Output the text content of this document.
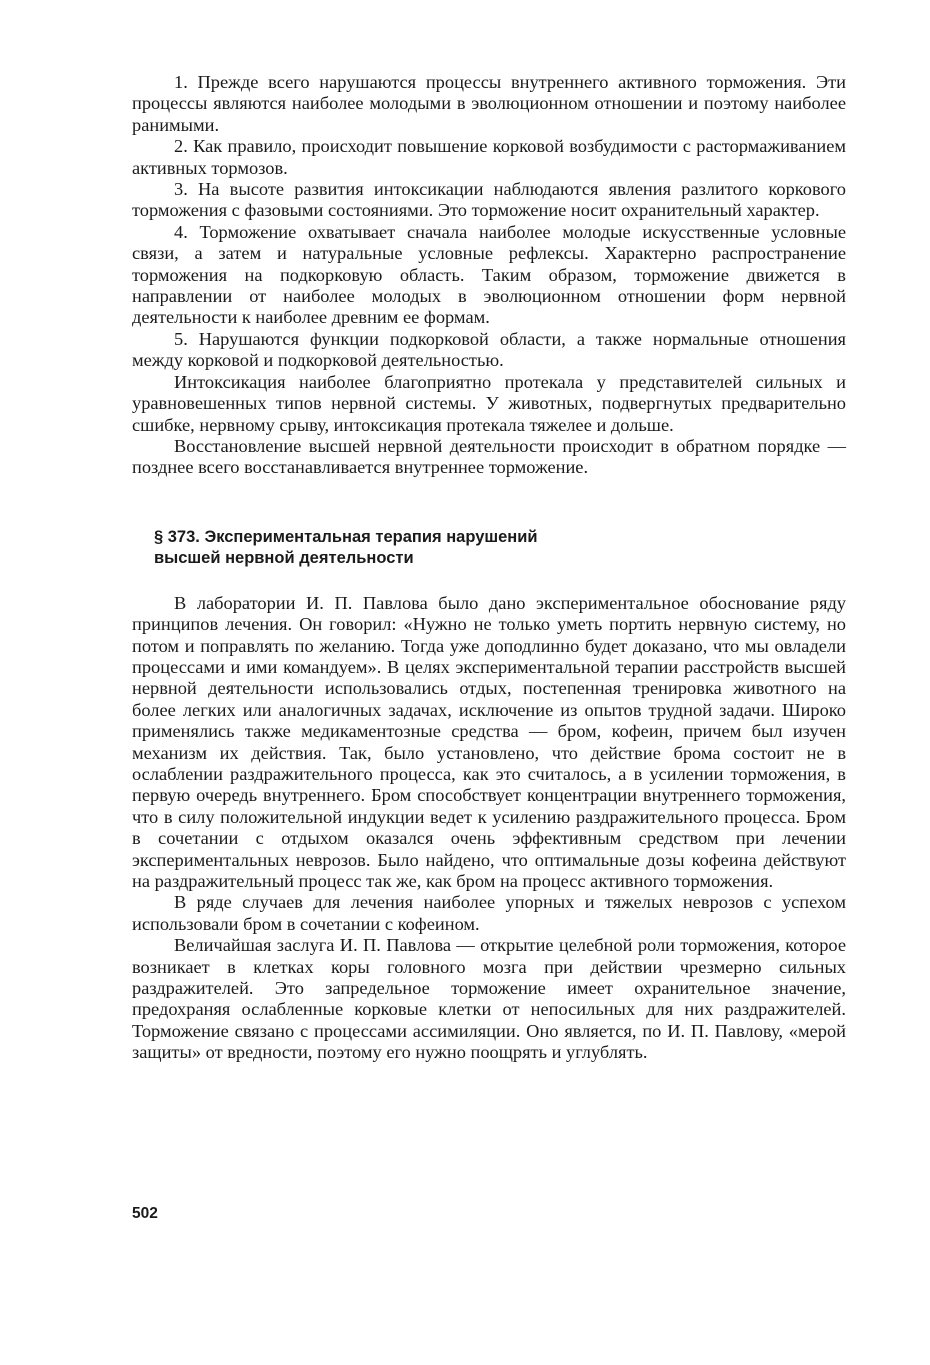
1. Прежде всего нарушаются процессы внутреннего активного торможения. Эти процессы являются наиболее молодыми в эволюционном отношении и поэтому наиболее ранимыми.

2. Как правило, происходит повышение корковой возбудимости с растормаживанием активных тормозов.

3. На высоте развития интоксикации наблюдаются явления разлитого коркового торможения с фазовыми состояниями. Это торможение носит охранительный характер.

4. Торможение охватывает сначала наиболее молодые искусственные условные связи, а затем и натуральные условные рефлексы. Характерно распространение торможения на подкорковую область. Таким образом, торможение движется в направлении от наиболее молодых в эволюционном отношении форм нервной деятельности к наиболее древним ее формам.

5. Нарушаются функции подкорковой области, а также нормальные отношения между корковой и подкорковой деятельностью.

Интоксикация наиболее благоприятно протекала у представителей сильных и уравновешенных типов нервной системы. У животных, подвергнутых предварительно сшибке, нервному срыву, интоксикация протекала тяжелее и дольше.

Восстановление высшей нервной деятельности происходит в обратном порядке — позднее всего восстанавливается внутреннее торможение.

§ 373. Экспериментальная терапия нарушений
высшей нервной деятельности

В лаборатории И. П. Павлова было дано экспериментальное обоснование ряду принципов лечения. Он говорил: «Нужно не только уметь портить нервную систему, но потом и поправлять по желанию. Тогда уже доподлинно будет доказано, что мы овладели процессами и ими командуем». В целях экспериментальной терапии расстройств высшей нервной деятельности использовались отдых, постепенная тренировка животного на более легких или аналогичных задачах, исключение из опытов трудной задачи. Широко применялись также медикаментозные средства — бром, кофеин, причем был изучен механизм их действия. Так, было установлено, что действие брома состоит не в ослаблении раздражительного процесса, как это считалось, а в усилении торможения, в первую очередь внутреннего. Бром способствует концентрации внутреннего торможения, что в силу положительной индукции ведет к усилению раздражительного процесса. Бром в сочетании с отдыхом оказался очень эффективным средством при лечении экспериментальных неврозов. Было найдено, что оптимальные дозы кофеина действуют на раздражительный процесс так же, как бром на процесс активного торможения.

В ряде случаев для лечения наиболее упорных и тяжелых неврозов с успехом использовали бром в сочетании с кофеином.

Величайшая заслуга И. П. Павлова — открытие целебной роли торможения, которое возникает в клетках коры головного мозга при действии чрезмерно сильных раздражителей. Это запредельное торможение имеет охранительное значение, предохраняя ослабленные корковые клетки от непосильных для них раздражителей. Торможение связано с процессами ассимиляции. Оно является, по И. П. Павлову, «мерой защиты» от вредности, поэтому его нужно поощрять и углублять.

502
